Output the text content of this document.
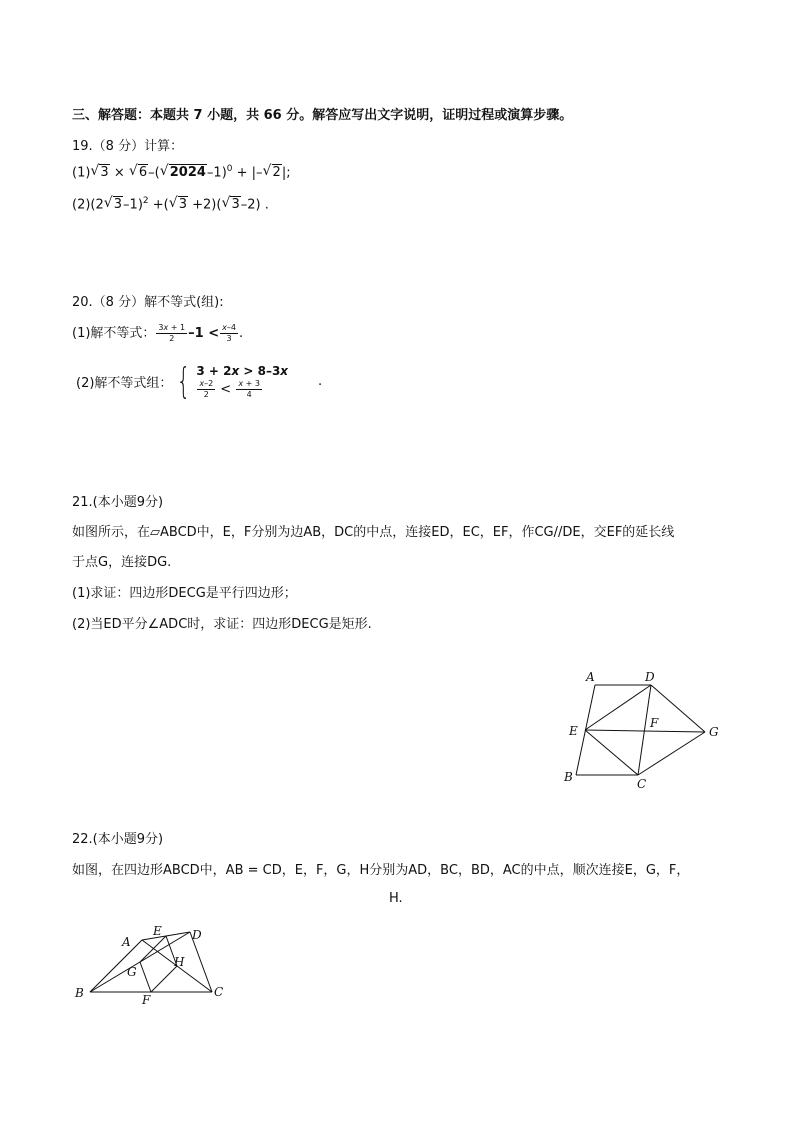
三、解答题：本题共 7 小题，共 66 分。解答应写出文字说明，证明过程或演算步骤。
19.（8 分）计算：
(1) √ 3 × √ 6–( √ 2024–1)$^0$ + |– √ 2|;
(2)(2 √ 3–1)$^2$ +( √ 3 +2)( √ 3–2) .
20.（8 分）解不等式(组):
(1)解不等式： $\frac{3x + 1}{2} -1 < \frac{x-4}{3}$ .
(2)解不等式组： { 3 + 2x > 8–3x
$\frac{x-2}{2} < \frac{x + 3}{4}$	.
21.(本小题9分)
如图所示，在▱ABCD中，E，F分别为边AB，DC的中点，连接ED，EC，EF，作CG//DE，交EF的延长线
于点G，连接DG.
(1)求证：四边形DECG是平行四边形；
(2)当ED平分∠ADC时，求证：四边形DECG是矩形.
A	D
E
F
G
B	C
22.(本小题9分)
如图，在四边形ABCD中，AB = CD，E，F，G，H分别为AD，BC，BD，AC的中点，顺次连接E，G，F，
H.
A
E	D
G
H
B	F
C
